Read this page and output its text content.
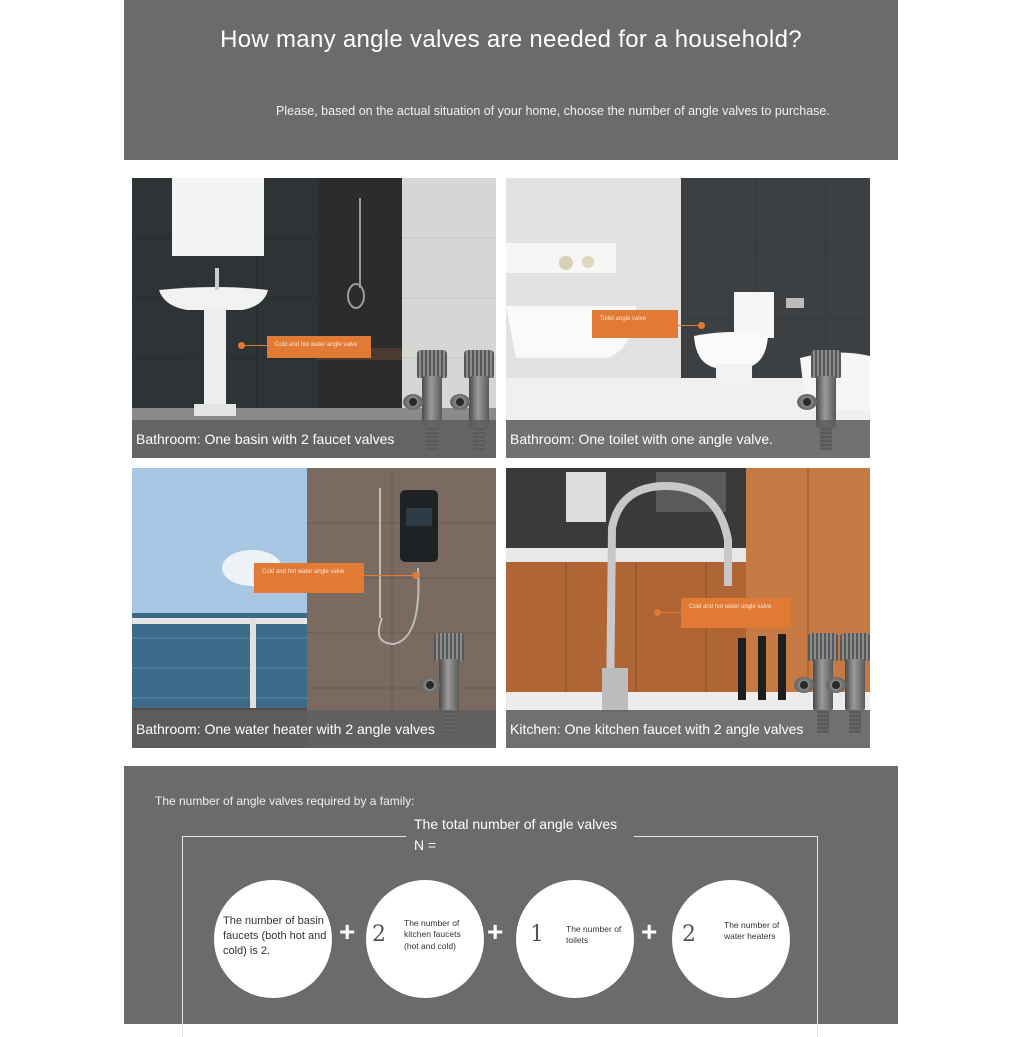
How many angle valves are needed for a household?
Please, based on the actual situation of your home, choose the number of angle valves to purchase.
Cold and hot water angle valve
Bathroom: One basin with 2 faucet valves
Toilet angle valve
Bathroom: One toilet with one angle valve.
Cold and hot water angle valve
Bathroom: One water heater with 2 angle valves
Cold and hot water angle valve
Kitchen: One kitchen faucet with 2 angle valves
The number of angle valves required by a family:
The total number of angle valves N =
The number of basin faucets (both hot and cold) is 2.
+ 2 The number of kitchen faucets (hot and cold)	+ 1	The number of toilets	+ 2	The number of water heaters
